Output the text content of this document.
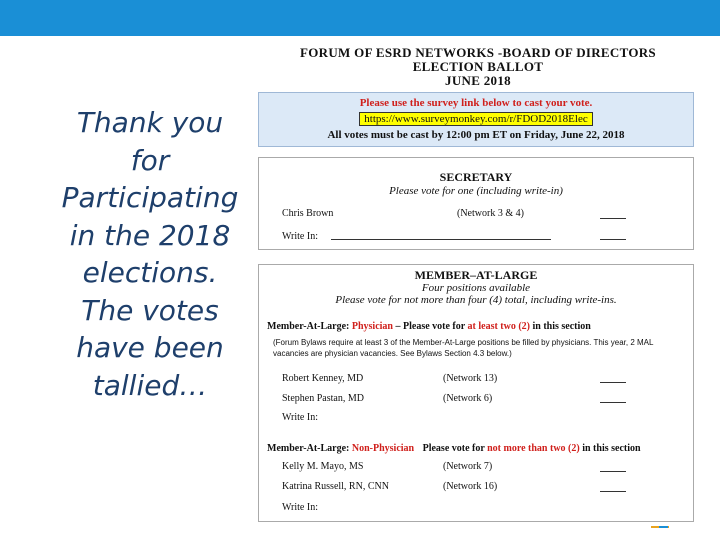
Thank you
for
Participating
in the 2018
elections.
The votes
have been
tallied…
FORUM OF ESRD NETWORKS -BOARD OF DIRECTORS
ELECTION BALLOT
JUNE 2018
Please use the survey link below to cast your vote.
https://www.surveymonkey.com/r/FDOD2018Elec
All votes must be cast by 12:00 pm ET on Friday, June 22, 2018
SECRETARY
Please vote for one (including write-in)
Chris Brown	(Network 3 & 4)
Write In:
MEMBER–AT-LARGE
Four positions available
Please vote for not more than four (4) total, including write-ins.
Member-At-Large: Physician – Please vote for at least two (2) in this section
(Forum Bylaws require at least 3 of the Member-At-Large positions be filled by physicians. This year, 2 MAL vacancies are physician vacancies. See Bylaws Section 4.3 below.)
Robert Kenney, MD	(Network 13)
Stephen Pastan, MD	(Network 6)
Write In:
Member-At-Large: Non-Physician Please vote for not more than two (2) in this section
Kelly M. Mayo, MS	(Network 7)
Katrina Russell, RN, CNN	(Network 16)
Write In:
